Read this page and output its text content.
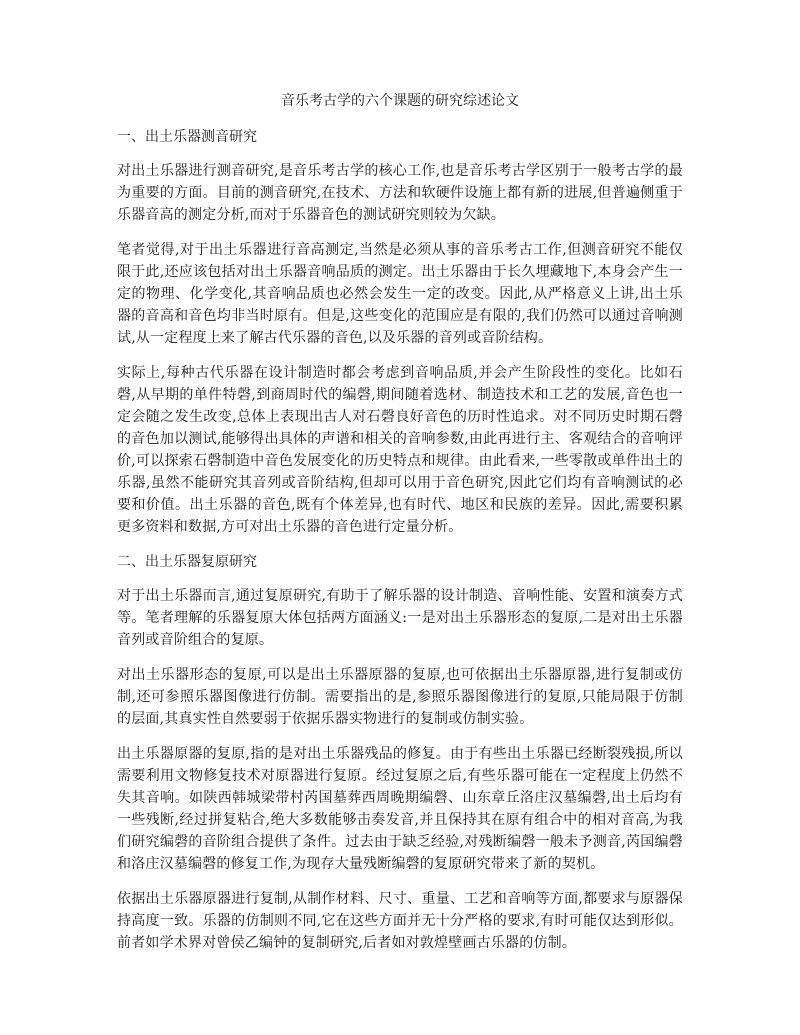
音乐考古学的六个课题的研究综述论文
一、出土乐器测音研究

对出土乐器进行测音研究,是音乐考古学的核心工作,也是音乐考古学区别于一般考古学的最为重要的方面。目前的测音研究,在技术、方法和软硬件设施上都有新的进展,但普遍侧重于乐器音高的测定分析,而对于乐器音色的测试研究则较为欠缺。

笔者觉得,对于出土乐器进行音高测定,当然是必须从事的音乐考古工作,但测音研究不能仅限于此,还应该包括对出土乐器音响品质的测定。出土乐器由于长久埋藏地下,本身会产生一定的物理、化学变化,其音响品质也必然会发生一定的改变。因此,从严格意义上讲,出土乐器的音高和音色均非当时原有。但是,这些变化的范围应是有限的,我们仍然可以通过音响测试,从一定程度上来了解古代乐器的音色,以及乐器的音列或音阶结构。

实际上,每种古代乐器在设计制造时都会考虑到音响品质,并会产生阶段性的变化。比如石磬,从早期的单件特磬,到商周时代的编磬,期间随着选材、制造技术和工艺的发展,音色也一定会随之发生改变,总体上表现出古人对石磬良好音色的历时性追求。对不同历史时期石磬的音色加以测试,能够得出具体的声谱和相关的音响参数,由此再进行主、客观结合的音响评价,可以探索石磬制造中音色发展变化的历史特点和规律。由此看来,一些零散或单件出土的乐器,虽然不能研究其音列或音阶结构,但却可以用于音色研究,因此它们均有音响测试的必要和价值。出土乐器的音色,既有个体差异,也有时代、地区和民族的差异。因此,需要积累更多资料和数据,方可对出土乐器的音色进行定量分析。

二、出土乐器复原研究

对于出土乐器而言,通过复原研究,有助于了解乐器的设计制造、音响性能、安置和演奏方式等。笔者理解的乐器复原大体包括两方面涵义:一是对出土乐器形态的复原,二是对出土乐器音列或音阶组合的复原。

对出土乐器形态的复原,可以是出土乐器原器的复原,也可依据出土乐器原器,进行复制或仿制,还可参照乐器图像进行仿制。需要指出的是,参照乐器图像进行的复原,只能局限于仿制的层面,其真实性自然要弱于依据乐器实物进行的复制或仿制实验。

出土乐器原器的复原,指的是对出土乐器残品的修复。由于有些出土乐器已经断裂残损,所以需要利用文物修复技术对原器进行复原。经过复原之后,有些乐器可能在一定程度上仍然不失其音响。如陕西韩城梁带村芮国墓葬西周晚期编磬、山东章丘洛庄汉墓编磬,出土后均有一些残断,经过拼复粘合,绝大多数能够击奏发音,并且保持其在原有组合中的相对音高,为我们研究编磬的音阶组合提供了条件。过去由于缺乏经验,对残断编磬一般未予测音,芮国编磬和洛庄汉墓编磬的修复工作,为现存大量残断编磬的复原研究带来了新的契机。

依据出土乐器原器进行复制,从制作材料、尺寸、重量、工艺和音响等方面,都要求与原器保持高度一致。乐器的仿制则不同,它在这些方面并无十分严格的要求,有时可能仅达到形似。前者如学术界对曾侯乙编钟的复制研究,后者如对敦煌壁画古乐器的仿制。
